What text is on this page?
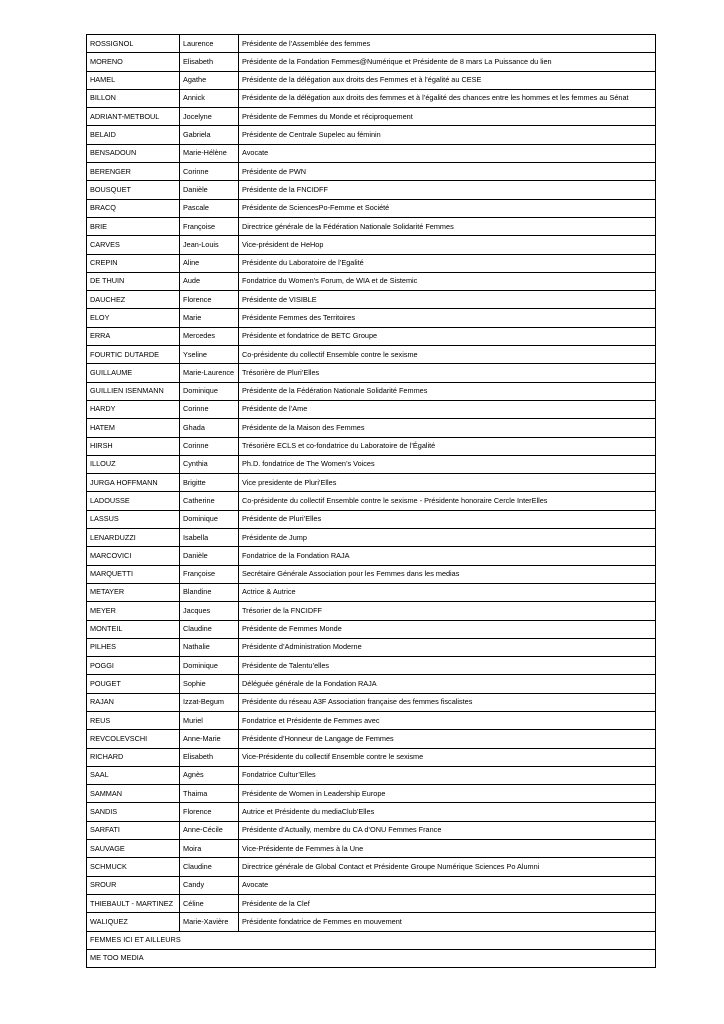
ROSSIGNOL	Laurence	Présidente de l’Assemblée des femmes
MORENO	Elisabeth	Présidente de la Fondation Femmes@Numérique et Présidente de 8 mars La Puissance du lien
HAMEL	Agathe	Présidente de la délégation aux droits des Femmes et à l’égalité au CESE
BILLON	Annick	Présidente de la délégation aux droits des femmes et à l’égalité des chances entre les hommes et les femmes au Sénat
ADRIANT-METBOUL	Jocelyne	Présidente de Femmes du Monde et réciproquement
BELAID	Gabriela	Présidente de Centrale Supelec au féminin
BENSADOUN	Marie-Hélène	Avocate
BERENGER	Corinne	Présidente de PWN
BOUSQUET	Danièle	Présidente de la FNCIDFF
BRACQ	Pascale	Présidente de SciencesPo-Femme et Société
BRIE	Françoise	Directrice générale de la Fédération Nationale Solidarité Femmes
CARVES	Jean-Louis	Vice-président de HeHop
CREPIN	Aline	Présidente du Laboratoire de l’Egalité
DE THUIN	Aude	Fondatrice du Women’s Forum, de WIA et de Sistemic
DAUCHEZ	Florence	Présidente de VISIBLE
ELOY	Marie	Présidente Femmes des Territoires
ERRA	Mercedes	Présidente et fondatrice de BETC Groupe
FOURTIC DUTARDE	Yseline	Co-présidente du collectif Ensemble contre le sexisme
GUILLAUME	Marie-Laurence	Trésorière de Pluri’Elles
GUILLIEN ISENMANN	Dominique	Présidente de la Fédération Nationale Solidarité Femmes
HARDY	Corinne	Présidente de l’Ame
HATEM	Ghada	Présidente de la Maison des Femmes
HIRSH	Corinne	Trésorière ECLS et co-fondatrice du Laboratoire de l’Égalité
ILLOUZ	Cynthia	Ph.D. fondatrice de The Women’s Voices
JURGA HOFFMANN	Brigitte	Vice presidente de Pluri’Elles
LADOUSSE	Catherine	Co-présidente du collectif Ensemble contre le sexisme - Présidente honoraire Cercle InterElles
LASSUS	Dominique	Présidente de Pluri’Elles
LENARDUZZI	Isabella	Présidente de Jump
MARCOVICI	Danièle	Fondatrice de la Fondation RAJA
MARQUETTI	Françoise	Secrétaire Générale Association pour les Femmes dans les medias
METAYER	Blandine	Actrice & Autrice
MEYER	Jacques	Trésorier de la FNCIDFF
MONTEIL	Claudine	Présidente de Femmes Monde
PILHES	Nathalie	Présidente d’Administration Moderne
POGGI	Dominique	Présidente de Talentu’elles
POUGET	Sophie	Déléguée générale de la Fondation RAJA
RAJAN	Izzat-Begum	Présidente du réseau A3F Association française des femmes fiscalistes
REUS	Muriel	Fondatrice et Présidente de Femmes avec
REVCOLEVSCHI	Anne-Marie	Présidente d’Honneur de Langage de Femmes
RICHARD	Elisabeth	Vice-Présidente du collectif Ensemble contre le sexisme
SAAL	Agnès	Fondatrice Cultur’Elles
SAMMAN	Thaima	Présidente de Women in Leadership Europe
SANDIS	Florence	Autrice et Présidente du mediaClub’Elles
SARFATI	Anne-Cécile	Présidente d’Actually, membre du CA d’ONU Femmes France
SAUVAGE	Moira	Vice-Présidente de Femmes à la Une
SCHMUCK	Claudine	Directrice générale de Global Contact et Présidente Groupe Numérique Sciences Po Alumni
SROUR	Candy	Avocate
THIEBAULT - MARTINEZ	Céline	Présidente de la Clef
WALIQUEZ	Marie-Xavière	Présidente fondatrice de Femmes en mouvement
FEMMES ICI ET AILLEURS		
ME TOO MEDIA		
